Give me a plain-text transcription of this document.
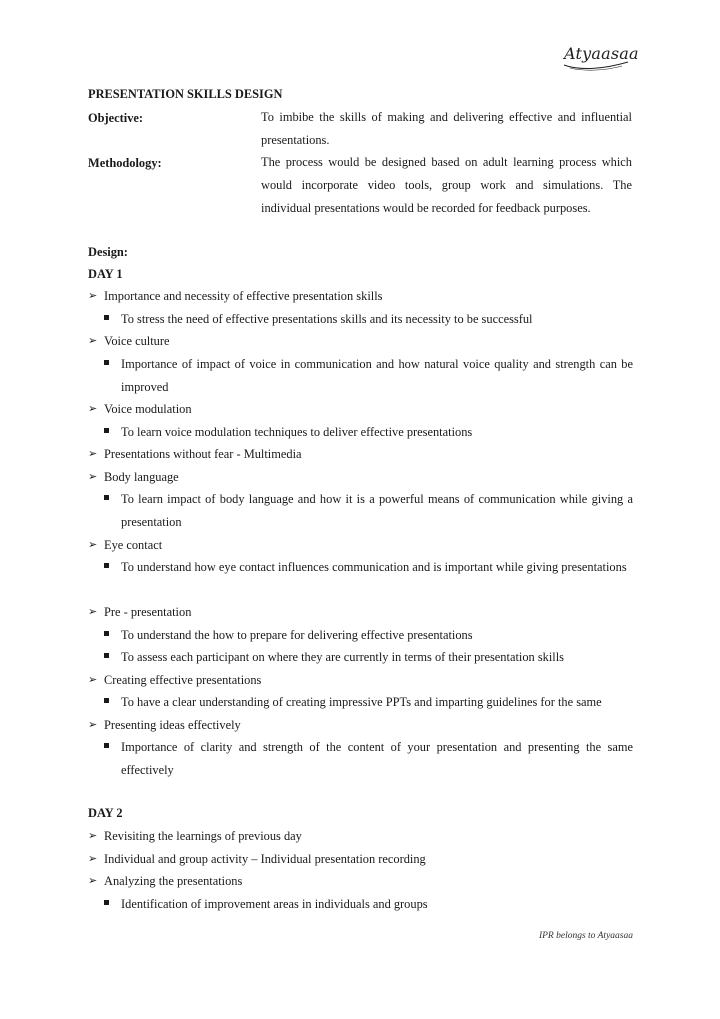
Atyaasaa
PRESENTATION SKILLS DESIGN
Objective:	To imbibe the skills of making and delivering effective and influential presentations.
Methodology:	The process would be designed based on adult learning process which would incorporate video tools, group work and simulations. The individual presentations would be recorded for feedback purposes.
Design:
DAY 1
➢ Importance and necessity of effective presentation skills
To stress the need of effective presentations skills and its necessity to be successful
➢ Voice culture
Importance of impact of voice in communication and how natural voice quality and strength can be improved
➢ Voice modulation
To learn voice modulation techniques to deliver effective presentations
➢ Presentations without fear - Multimedia
➢ Body language
To learn impact of body language and how it is a powerful means of communication while giving a presentation
➢ Eye contact
To understand how eye contact influences communication and is important while giving presentations
➢ Pre - presentation
To understand the how to prepare for delivering effective presentations
To assess each participant on where they are currently in terms of their presentation skills
➢ Creating effective presentations
To have a clear understanding of creating impressive PPTs and imparting guidelines for the same
➢ Presenting ideas effectively
Importance of clarity and strength of the content of your presentation and presenting the same effectively
DAY 2
➢ Revisiting the learnings of previous day
➢ Individual and group activity – Individual presentation recording
➢ Analyzing the presentations
Identification of improvement areas in individuals and groups
IPR belongs to Atyaasaa
